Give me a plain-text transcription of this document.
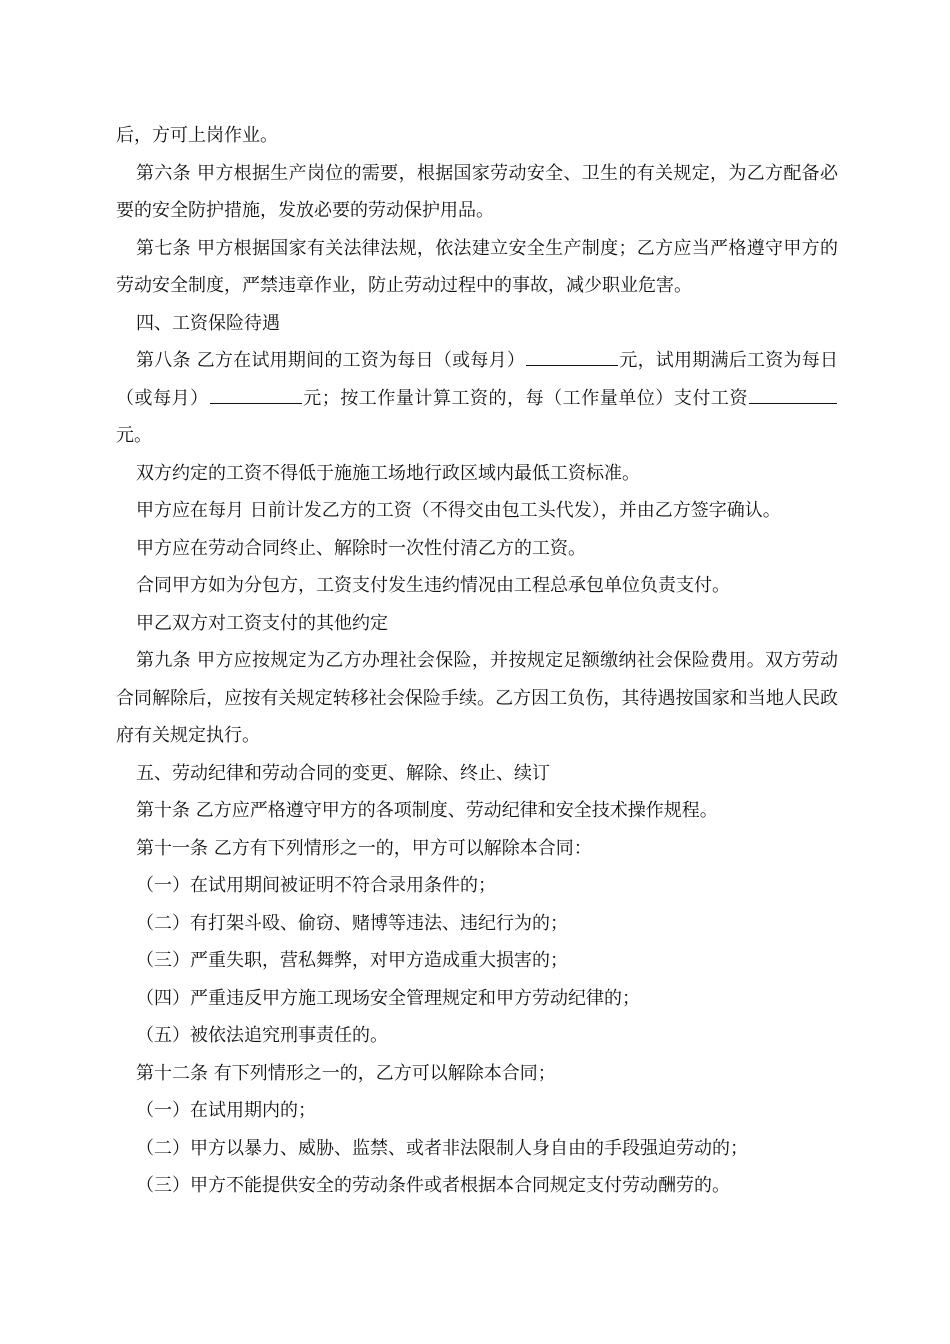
后，方可上岗作业。

第六条 甲方根据生产岗位的需要，根据国家劳动安全、卫生的有关规定，为乙方配备必要的安全防护措施，发放必要的劳动保护用品。

第七条 甲方根据国家有关法律法规，依法建立安全生产制度；乙方应当严格遵守甲方的劳动安全制度，严禁违章作业，防止劳动过程中的事故，减少职业危害。

四、工资保险待遇

第八条 乙方在试用期间的工资为每日（或每月）	元，试用期满后工资为每日（或每月）	元；按工作量计算工资的，每（工作量单位）支付工资元。

双方约定的工资不得低于施施工场地行政区域内最低工资标准。

甲方应在每月 日前计发乙方的工资（不得交由包工头代发），并由乙方签字确认。

甲方应在劳动合同终止、解除时一次性付清乙方的工资。

合同甲方如为分包方，工资支付发生违约情况由工程总承包单位负责支付。

甲乙双方对工资支付的其他约定

第九条 甲方应按规定为乙方办理社会保险，并按规定足额缴纳社会保险费用。双方劳动合同解除后，应按有关规定转移社会保险手续。乙方因工负伤，其待遇按国家和当地人民政府有关规定执行。

五、劳动纪律和劳动合同的变更、解除、终止、续订

第十条 乙方应严格遵守甲方的各项制度、劳动纪律和安全技术操作规程。

第十一条 乙方有下列情形之一的，甲方可以解除本合同：

（一）在试用期间被证明不符合录用条件的；

（二）有打架斗殴、偷窃、赌博等违法、违纪行为的；

（三）严重失职，营私舞弊，对甲方造成重大损害的；

（四）严重违反甲方施工现场安全管理规定和甲方劳动纪律的；

（五）被依法追究刑事责任的。

第十二条 有下列情形之一的，乙方可以解除本合同；

（一）在试用期内的；

（二）甲方以暴力、威胁、监禁、或者非法限制人身自由的手段强迫劳动的；

（三）甲方不能提供安全的劳动条件或者根据本合同规定支付劳动酬劳的。
